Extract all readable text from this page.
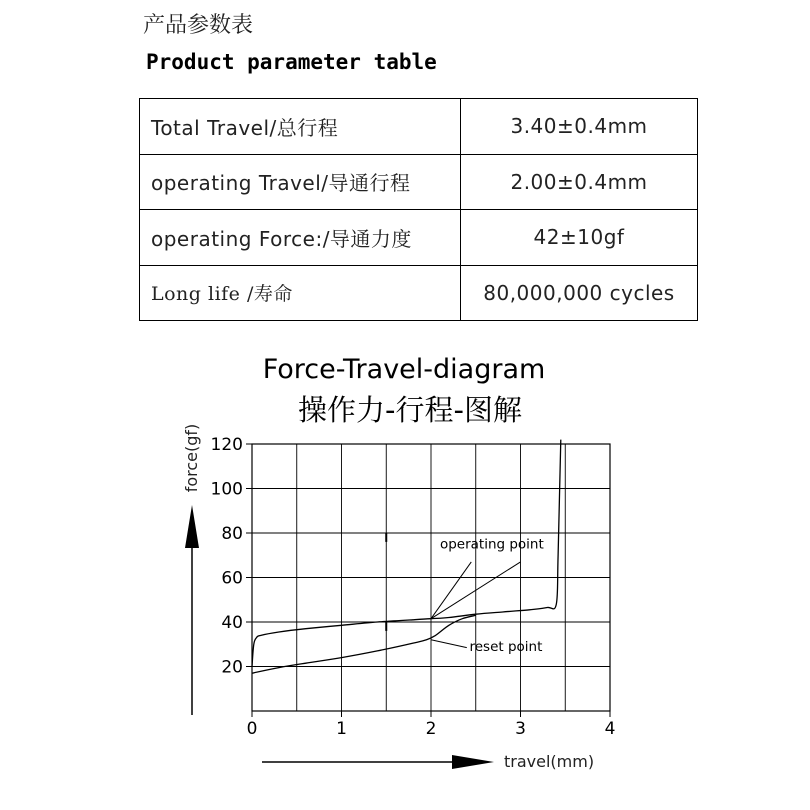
产品参数表
Product parameter table
Total Travel/总行程	3.40±0.4mm
operating Travel/导通行程	2.00±0.4mm
operating Force:/导通力度	42±10gf
Long life /寿命	80,000,000 cycles
Force-Travel-diagram
操作力-行程-图解
0	1	2	3	4
20
40
60
80
100
120
operating point
reset point
force(gf)
travel(mm)
